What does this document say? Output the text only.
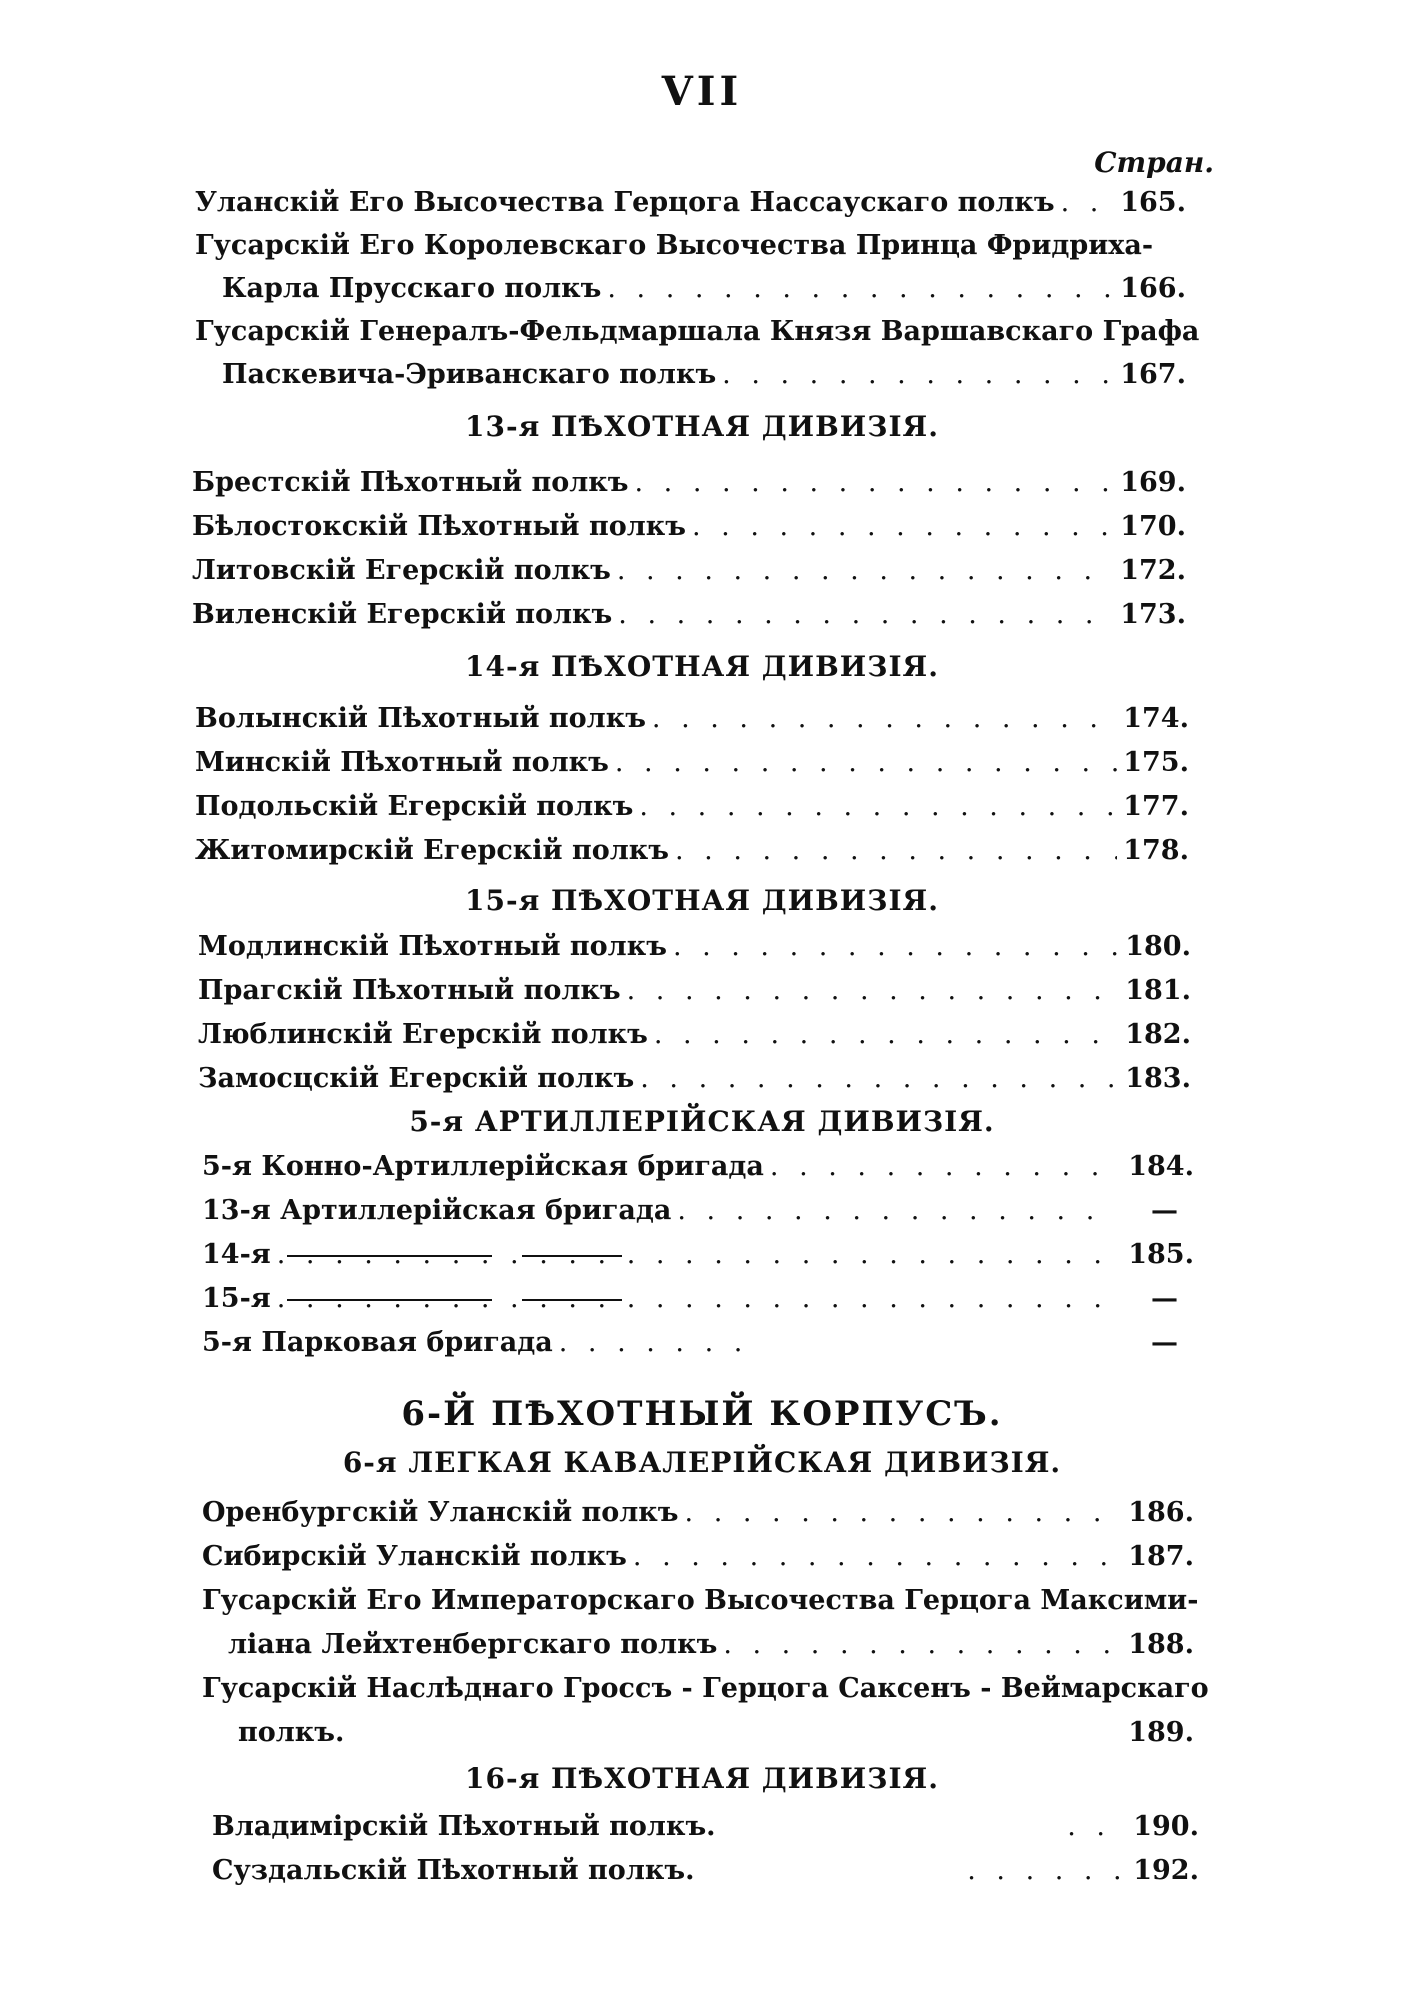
VII
Стран.
Уланскій Его Высочества Герцога Нассаускаго полкъ . . . 165.
Гусарскій Его Королевскаго Высочества Принца Фридриха-
Карла Прусскаго полкъ . . .	166.
Гусарскій Генералъ-Фельдмаршала Князя Варшавскаго Графа
Паскевича-Эриванскаго полкъ . . .	167.
13-я ПѢХОТНАЯ ДИВИЗІЯ.
Брестскій Пѣхотный полкъ . . .	169.
Бѣлостокскій Пѣхотный полкъ . . .	170.
Литовскій Егерскій полкъ . . .	172.
Виленскій Егерскій полкъ . . .	173.
14-я ПѢХОТНАЯ ДИВИЗІЯ.
Волынскій Пѣхотный полкъ . . .	174.
Минскій Пѣхотный полкъ . . .	175.
Подольскій Егерскій полкъ . . .	177.
Житомирскій Егерскій полкъ . . .	178.
15-я ПѢХОТНАЯ ДИВИЗІЯ.
Модлинскій Пѣхотный полкъ . . .	180.
Прагскій Пѣхотный полкъ . . .	181.
Люблинскій Егерскій полкъ . . .	182.
Замосцскій Егерскій полкъ . . .	183.
5-я АРТИЛЛЕРІЙСКАЯ ДИВИЗІЯ.
5-я Конно-Артиллерійская бригада . . .	184.
13-я Артиллерійская бригада . . .	—
14-я . . .	185.
15-я . . .	—
5-я Парковая бригада . . .	—
6-Й ПѢХОТНЫЙ КОРПУСЪ.
6-я ЛЕГКАЯ КАВАЛЕРІЙСКАЯ ДИВИЗІЯ.
Оренбургскій Уланскій полкъ . . .	186.
Сибирскій Уланскій полкъ . . .	187.
Гусарскій Его Императорскаго Высочества Герцога Максими-
ліана Лейхтенбергскаго полкъ . . .	188.
Гусарскій Наслѣднаго Гроссъ - Герцога Саксенъ - Веймарскаго
полкъ.	189.
16-я ПѢХОТНАЯ ДИВИЗІЯ.
Владимірскій Пѣхотный полкъ. . . .	190.
Суздальскій Пѣхотный полкъ. . . .	192.
